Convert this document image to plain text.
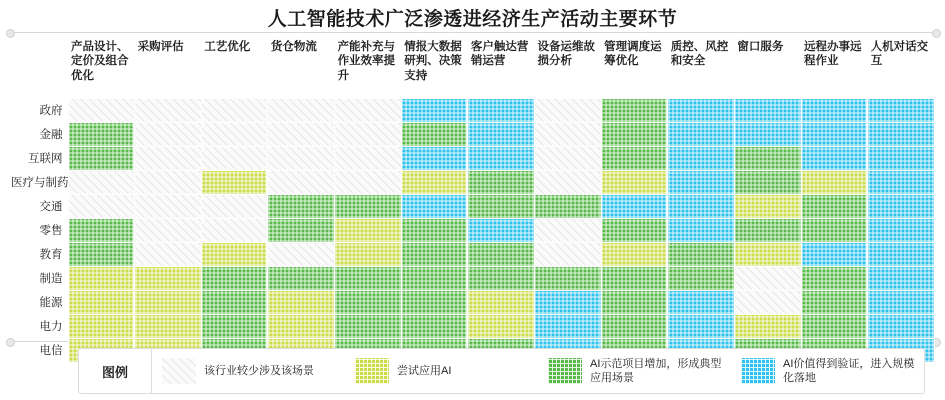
人工智能技术广泛渗透进经济生产活动主要环节
	产品设计、定价及组合优化	采购评估	工艺优化	货仓物流	产能补充与作业效率提升	情报大数据研判、决策支持	客户触达营销运营	设备运维故损分析	管理调度运筹优化	质控、风控和安全	窗口服务	远程办事远程作业	人机对话交互
政府													
金融													
互联网													
医疗与制药													
交通													
零售													
教育													
制造													
能源													
电力													
电信													
图例	该行业较少涉及该场景	尝试应用AI
AI示范项目增加，形成典型应用场景
AI价值得到验证，进入规模化落地
